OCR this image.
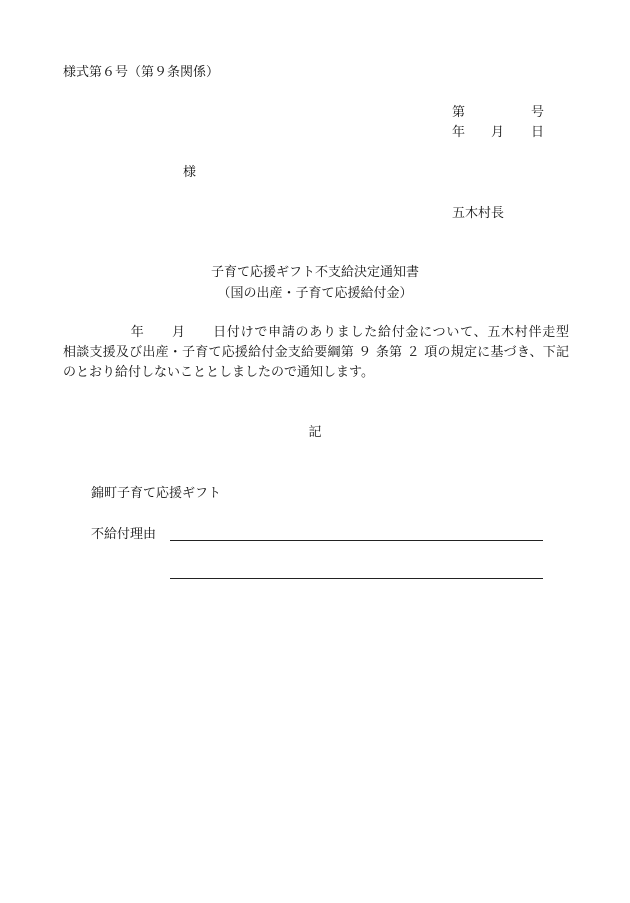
様式第６号（第９条関係）
第	号
年 月 日
様
五木村長
子育て応援ギフト不支給決定通知書
（国の出産・子育て応援給付金）
年　　月　　日付けで申請のありました給付金について、五木村伴走型
相談支援及び出産・子育て応援給付金支給要綱第 ９ 条第 ２ 項の規定に基づき、下記
のとおり給付しないこととしましたので通知します。
記
錦町子育て応援ギフト
不給付理由
